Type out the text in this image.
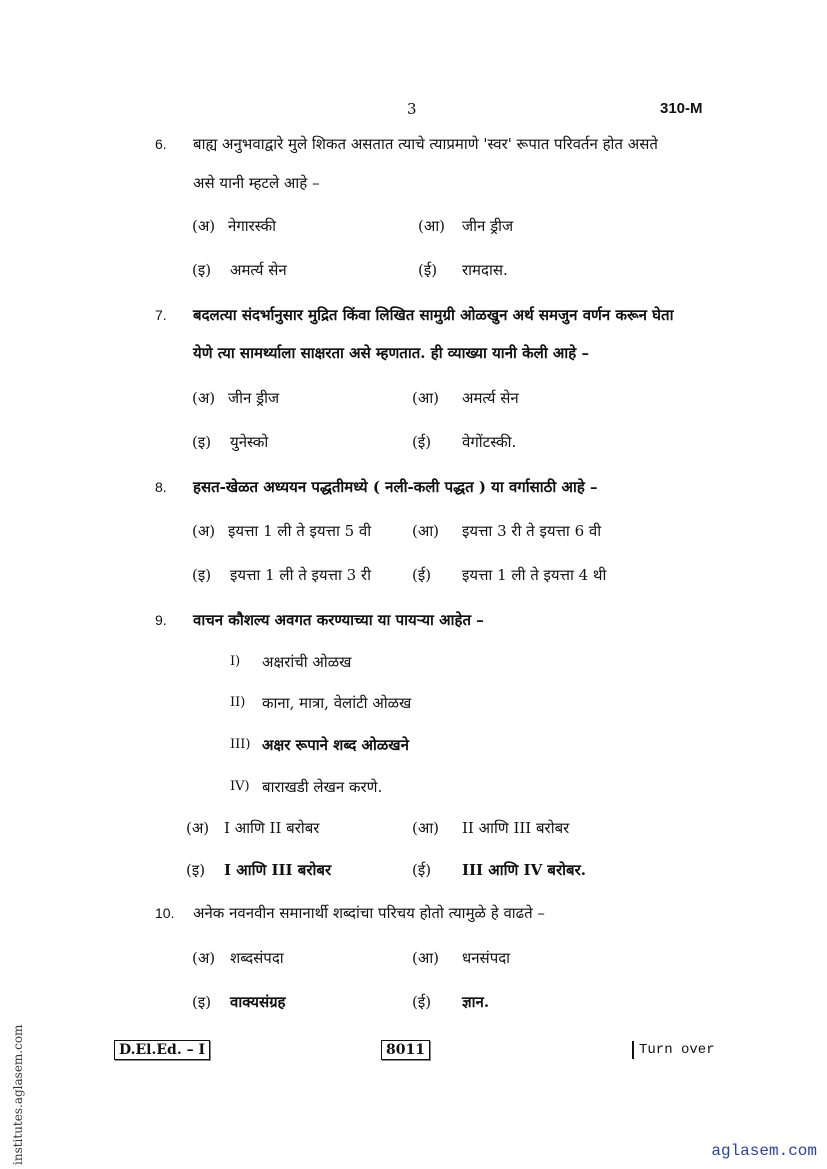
3	310-M
6. बाह्य अनुभवाद्वारे मुले शिकत असतात त्याचे त्याप्रमाणे 'स्वर' रूपात परिवर्तन होत असते
असे यानी म्हटले आहे –
(अ) नेगारस्की	(आ) जीन ड्रीज
(इ) अमर्त्य सेन	(ई) रामदास.
7. बदलत्या संदर्भानुसार मुद्रित किंवा लिखित सामुग्री ओळखुन अर्थ समजुन वर्णन करून घेता
येणे त्या सामर्थ्याला साक्षरता असे म्हणतात. ही व्याख्या यानी केली आहे –
(अ) जीन ड्रीज	(आ) अमर्त्य सेन
(इ) युनेस्को	(ई) वेगोंटस्की.
8. हसत-खेळत अध्ययन पद्धतीमध्ये ( नली-कली पद्धत ) या वर्गासाठी आहे –
(अ) इयत्ता 1 ली ते इयत्ता 5 वी	(आ) इयत्ता 3 री ते इयत्ता 6 वी
(इ) इयत्ता 1 ली ते इयत्ता 3 री	(ई) इयत्ता 1 ली ते इयत्ता 4 थी
9. वाचन कौशल्य अवगत करण्याच्या या पायऱ्या आहेत –
I) अक्षरांची ओळख
II) काना, मात्रा, वेलांटी ओळख
III) अक्षर रूपाने शब्द ओळखने
IV) बाराखडी लेखन करणे.
(अ) I आणि II बरोबर	(आ) II आणि III बरोबर
(इ) I आणि III बरोबर	(ई) III आणि IV बरोबर.
10. अनेक नवनवीन समानार्थी शब्दांचा परिचय होतो त्यामुळे हे वाढते –
(अ) शब्दसंपदा	(आ) धनसंपदा
(इ) वाक्यसंग्रह	(ई) ज्ञान.
D.El.Ed. – I	8011	Turn over
institutes.aglasem.com	aglasem.com
